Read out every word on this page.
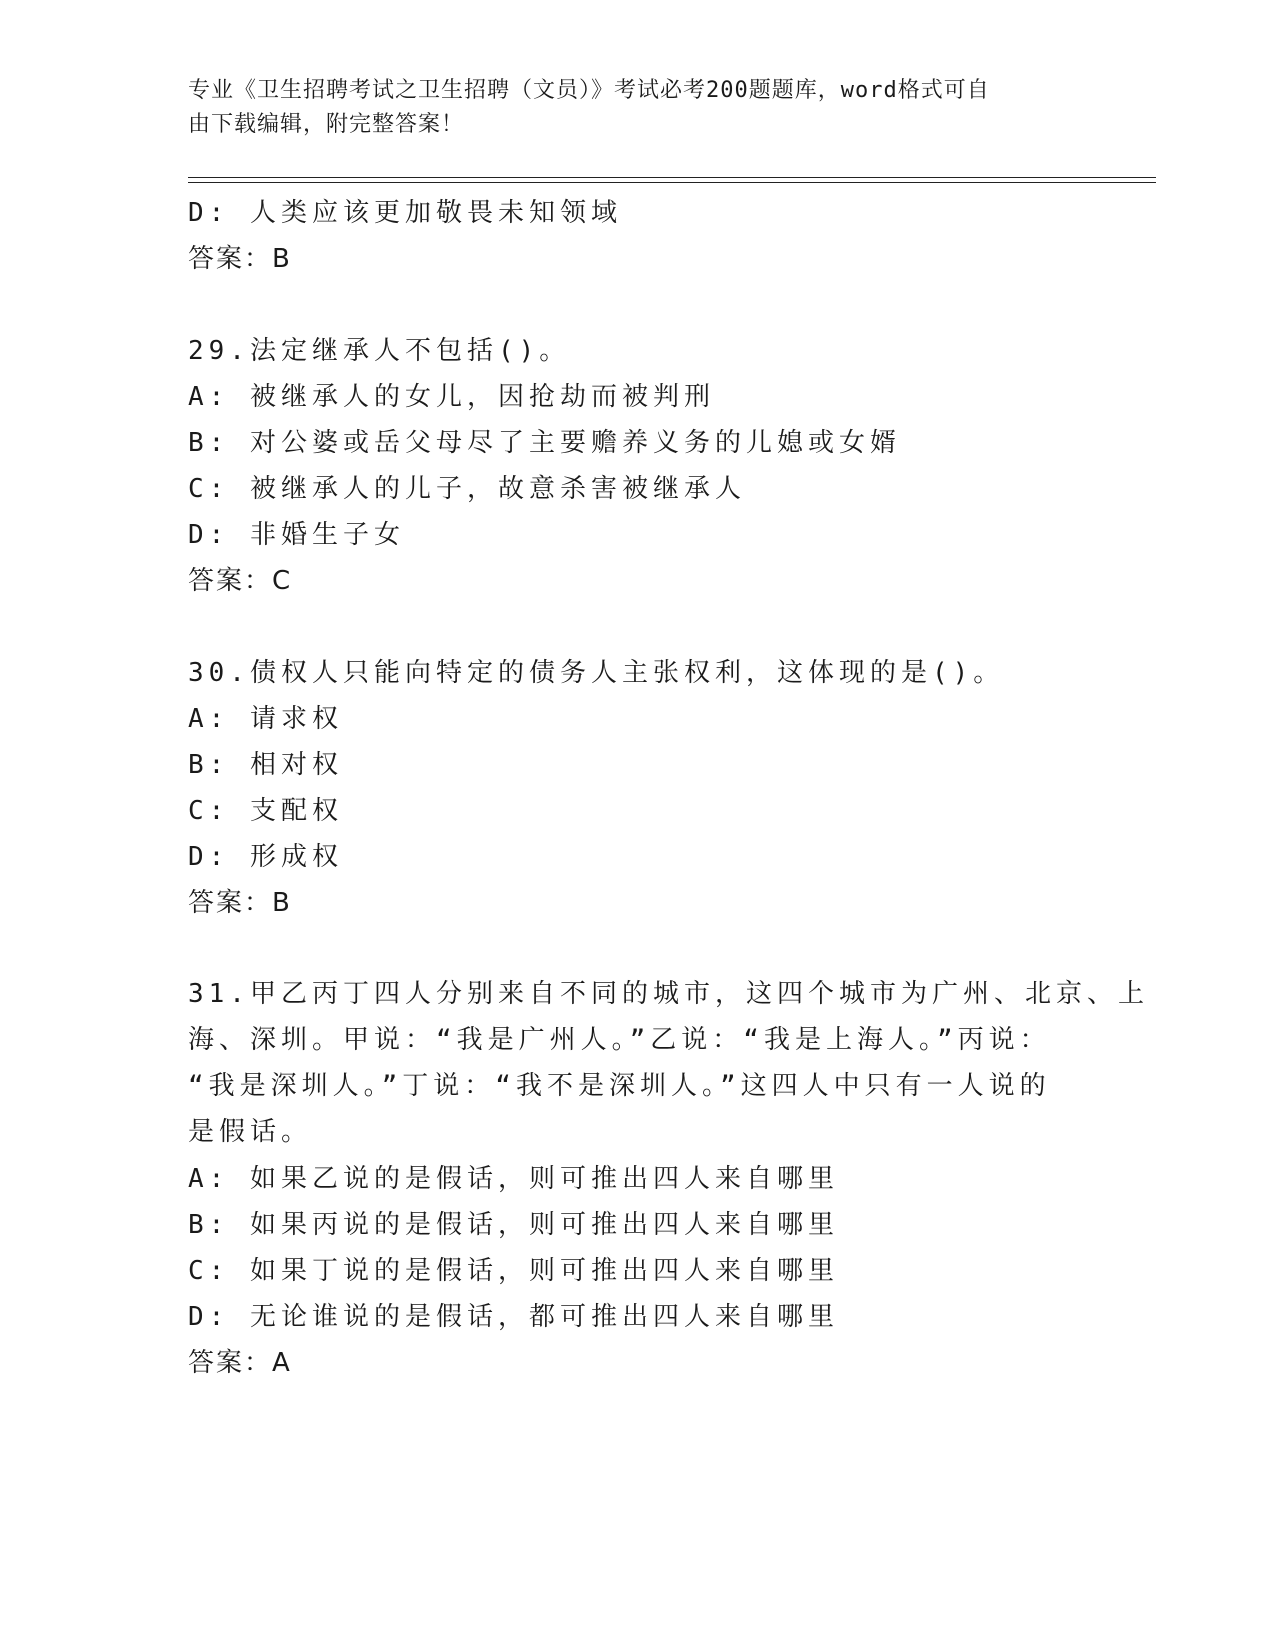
专业《卫生招聘考试之卫生招聘（文员）》考试必考200题题库，word格式可自
由下载编辑，附完整答案！
D: 人类应该更加敬畏未知领域
答案：B
29.法定继承人不包括()。
A: 被继承人的女儿，因抢劫而被判刑
B: 对公婆或岳父母尽了主要赡养义务的儿媳或女婿
C: 被继承人的儿子，故意杀害被继承人
D: 非婚生子女
答案：C
30.债权人只能向特定的债务人主张权利，这体现的是()。
A: 请求权
B: 相对权
C: 支配权
D: 形成权
答案：B
31.甲乙丙丁四人分别来自不同的城市，这四个城市为广州、北京、上
海、深圳。甲说：“我是广州人。”乙说：“我是上海人。”丙说：
“我是深圳人。”丁说：“我不是深圳人。”这四人中只有一人说的
是假话。
A: 如果乙说的是假话，则可推出四人来自哪里
B: 如果丙说的是假话，则可推出四人来自哪里
C: 如果丁说的是假话，则可推出四人来自哪里
D: 无论谁说的是假话，都可推出四人来自哪里
答案：A
